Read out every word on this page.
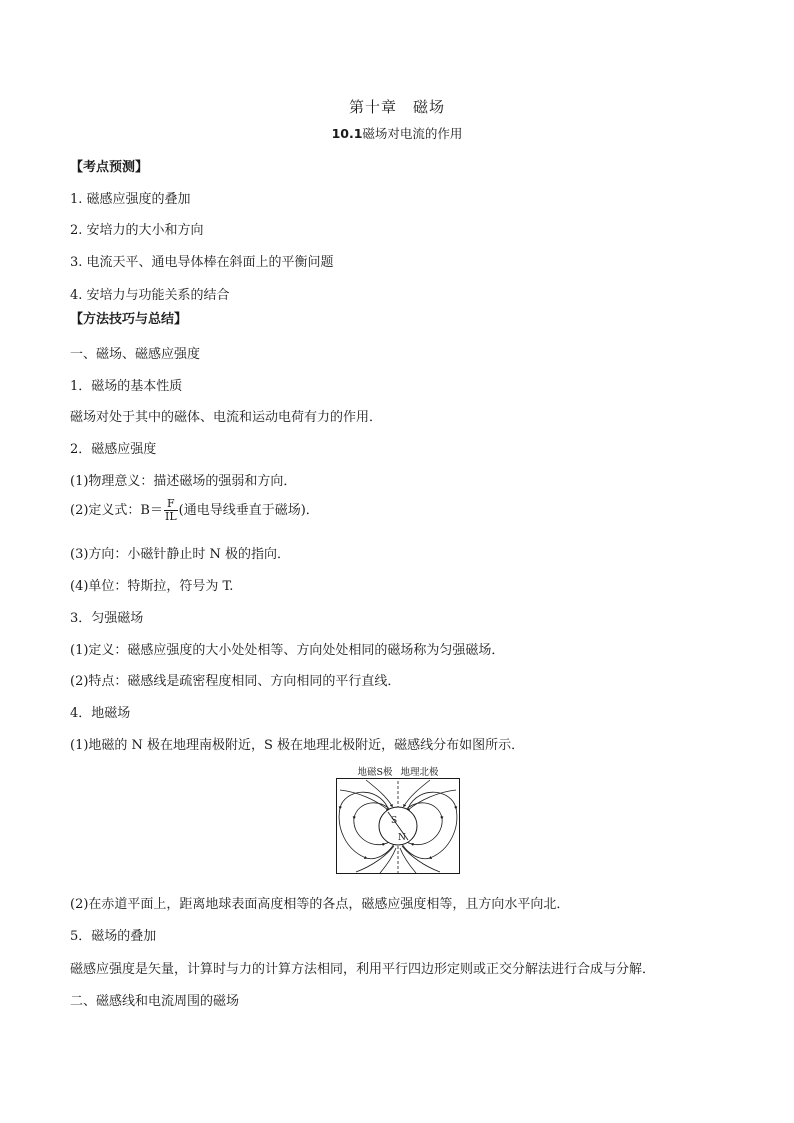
第十章 磁场
10.1磁场对电流的作用
【考点预测】
1. 磁感应强度的叠加
2. 安培力的大小和方向
3. 电流天平、通电导体棒在斜面上的平衡问题
4. 安培力与功能关系的结合
【方法技巧与总结】
一、磁场、磁感应强度
1．磁场的基本性质
磁场对处于其中的磁体、电流和运动电荷有力的作用．
2．磁感应强度
(1)物理意义：描述磁场的强弱和方向．
(2)定义式：$B= \frac{F}{IL}$ (通电导线垂直于磁场)．
(3)方向：小磁针静止时 N 极的指向．
(4)单位：特斯拉，符号为 T.
3．匀强磁场
(1)定义：磁感应强度的大小处处相等、方向处处相同的磁场称为匀强磁场．
(2)特点：磁感线是疏密程度相同、方向相同的平行直线．
4．地磁场
(1)地磁的 N 极在地理南极附近，S 极在地理北极附近，磁感线分布如图所示．
地磁S极 地理北极
S
N
(2)在赤道平面上，距离地球表面高度相等的各点，磁感应强度相等，且方向水平向北．
5．磁场的叠加
磁感应强度是矢量，计算时与力的计算方法相同，利用平行四边形定则或正交分解法进行合成与分解．
二、磁感线和电流周围的磁场
